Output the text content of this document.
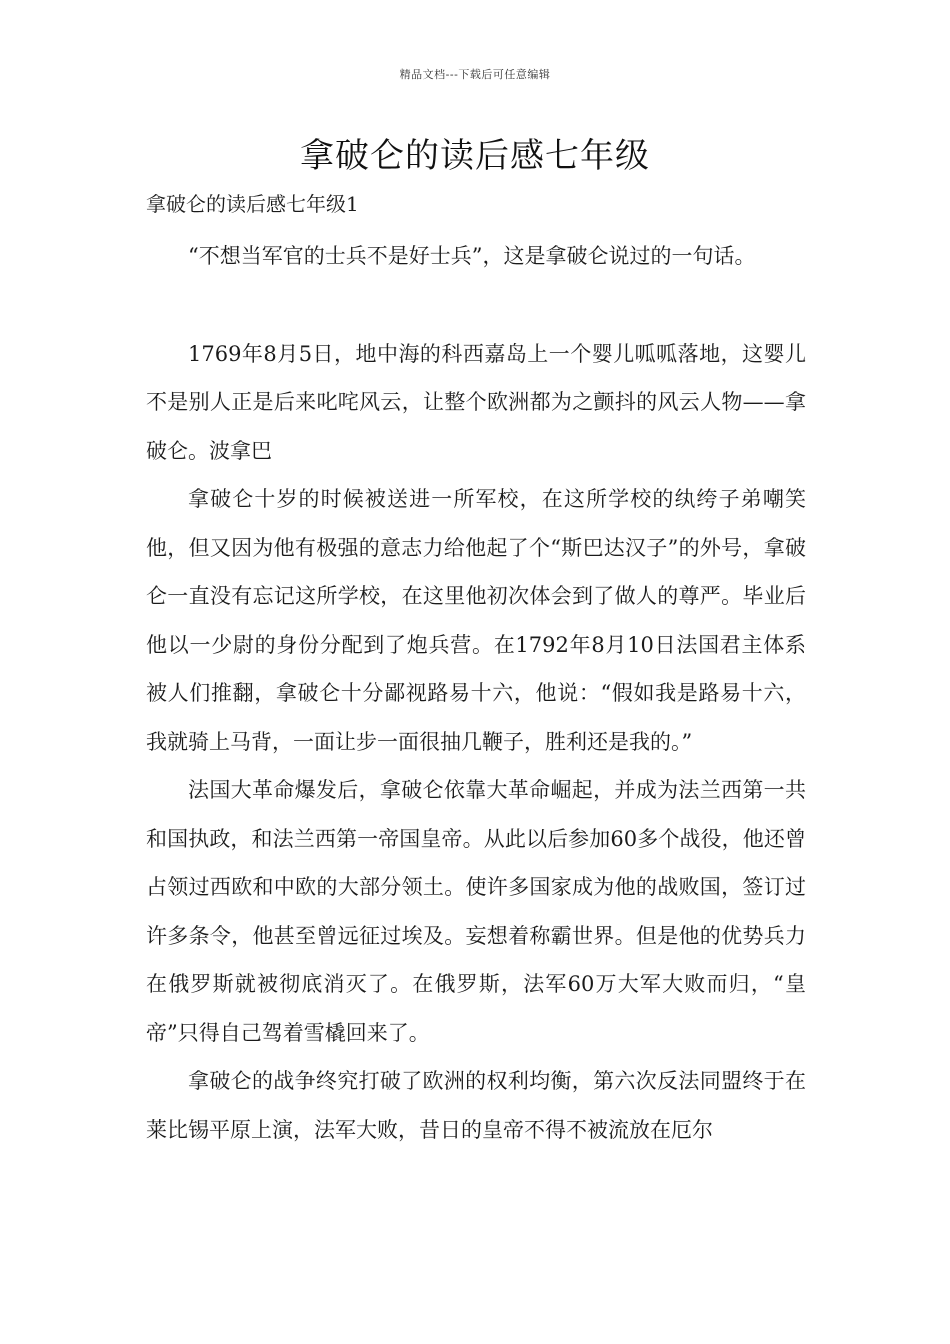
精品文档---下载后可任意编辑
拿破仑的读后感七年级

拿破仑的读后感七年级1

“不想当军官的士兵不是好士兵”，这是拿破仑说过的一句话。

1769年8月5日，地中海的科西嘉岛上一个婴儿呱呱落地，这婴儿不是别人正是后来叱咤风云，让整个欧洲都为之颤抖的风云人物——拿破仑。波拿巴

拿破仑十岁的时候被送进一所军校，在这所学校的纨绔子弟嘲笑他，但又因为他有极强的意志力给他起了个“斯巴达汉子”的外号，拿破仑一直没有忘记这所学校，在这里他初次体会到了做人的尊严。毕业后他以一少尉的身份分配到了炮兵营。在1792年8月10日法国君主体系被人们推翻，拿破仑十分鄙视路易十六，他说：“假如我是路易十六，我就骑上马背，一面让步一面很抽几鞭子，胜利还是我的。”

法国大革命爆发后，拿破仑依靠大革命崛起，并成为法兰西第一共和国执政，和法兰西第一帝国皇帝。从此以后参加60多个战役，他还曾占领过西欧和中欧的大部分领土。使许多国家成为他的战败国，签订过许多条令，他甚至曾远征过埃及。妄想着称霸世界。但是他的优势兵力在俄罗斯就被彻底消灭了。在俄罗斯，法军60万大军大败而归，“皇帝”只得自己驾着雪橇回来了。

拿破仑的战争终究打破了欧洲的权利均衡，第六次反法同盟终于在莱比锡平原上演，法军大败，昔日的皇帝不得不被流放在厄尔
